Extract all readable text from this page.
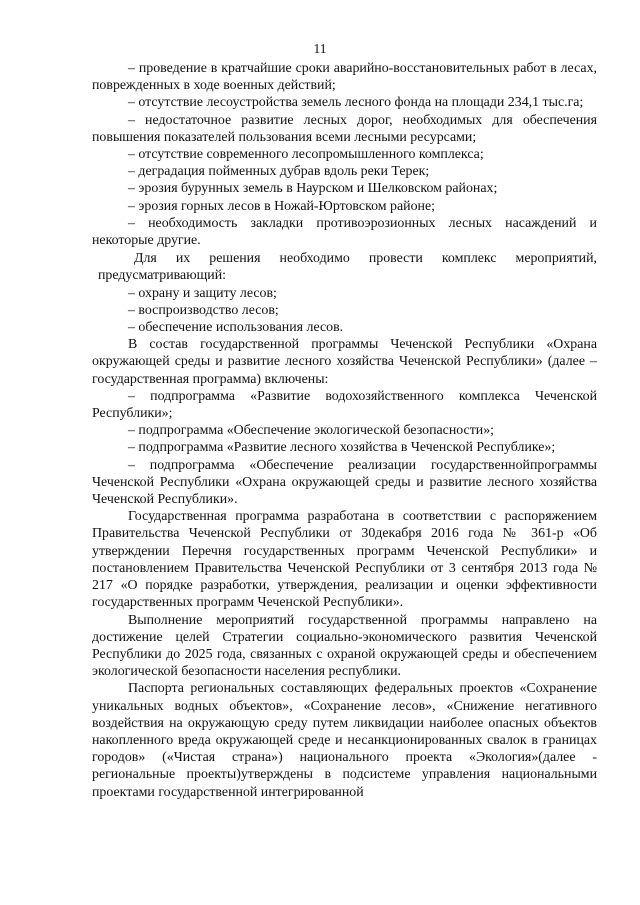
11

– проведение в кратчайшие сроки аварийно-восстановительных работ в лесах, поврежденных в ходе военных действий;

– отсутствие лесоустройства земель лесного фонда на площади 234,1 тыс.га;

– недостаточное развитие лесных дорог, необходимых для обеспечения повышения показателей пользования всеми лесными ресурсами;

– отсутствие современного лесопромышленного комплекса;

– деградация пойменных дубрав вдоль реки Терек;

– эрозия бурунных земель в Наурском и Шелковском районах;

– эрозия горных лесов в Ножай-Юртовском районе;

– необходимость закладки противоэрозионных лесных насаждений и некоторые другие.

Для их решения необходимо провести комплекс мероприятий, предусматривающий:

– охрану и защиту лесов;

– воспроизводство лесов;

– обеспечение использования лесов.

В состав государственной программы Чеченской Республики «Охрана окружающей среды и развитие лесного хозяйства Чеченской Республики» (далее – государственная программа) включены:

– подпрограмма «Развитие водохозяйственного комплекса Чеченской Республики»;

– подпрограмма «Обеспечение экологической безопасности»;

– подпрограмма «Развитие лесного хозяйства в Чеченской Республике»;

– подпрограмма «Обеспечение реализации государственнойпрограммы Чеченской Республики «Охрана окружающей среды и развитие лесного хозяйства Чеченской Республики».

Государственная программа разработана в соответствии с распоряжением Правительства Чеченской Республики от 30декабря 2016 года № 361-р «Об утверждении Перечня государственных программ Чеченской Республики» и постановлением Правительства Чеченской Республики от 3 сентября 2013 года № 217 «О порядке разработки, утверждения, реализации и оценки эффективности государственных программ Чеченской Республики».

Выполнение мероприятий государственной программы направлено на достижение целей Стратегии социально-экономического развития Чеченской Республики до 2025 года, связанных с охраной окружающей среды и обеспечением экологической безопасности населения республики.

Паспорта региональных составляющих федеральных проектов «Сохранение уникальных водных объектов», «Сохранение лесов», «Снижение негативного воздействия на окружающую среду путем ликвидации наиболее опасных объектов накопленного вреда окружающей среде и несанкционированных свалок в границах городов» («Чистая страна») национального проекта «Экология»(далее - региональные проекты)утверждены в подсистеме управления национальными проектами государственной интегрированной
